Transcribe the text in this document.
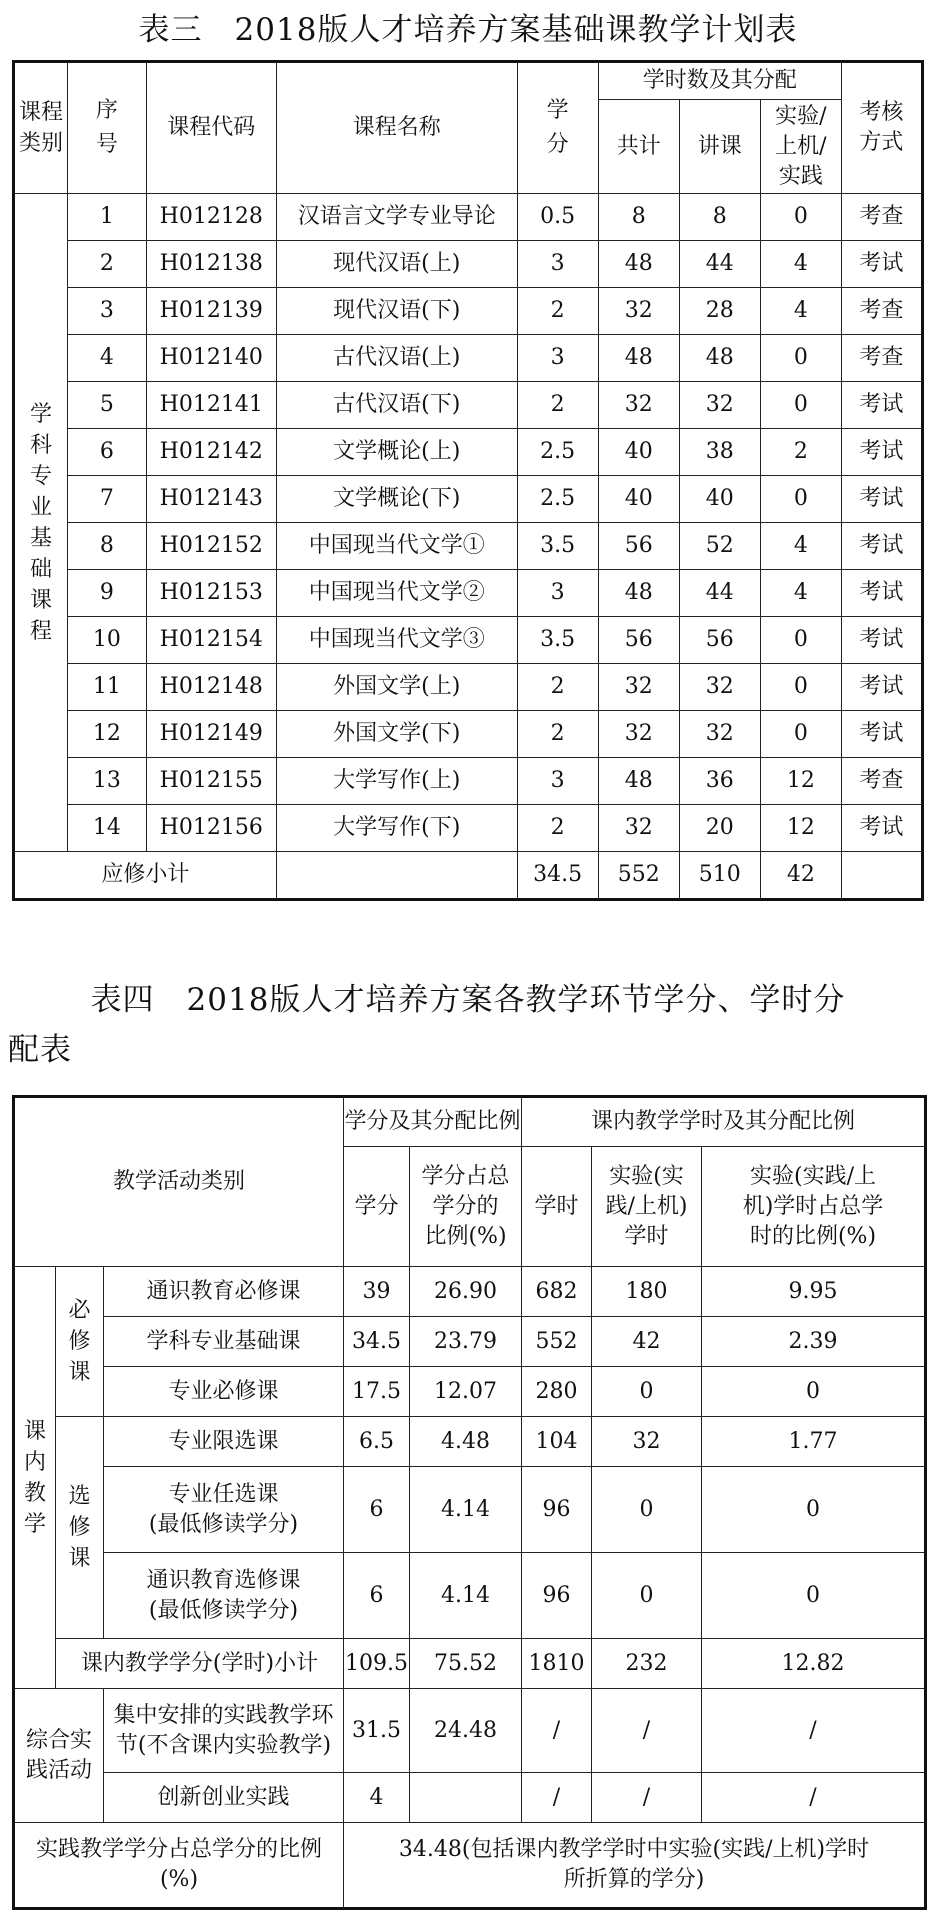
表三　2018版人才培养方案基础课教学计划表
课程类别	序号	课程代码	课程名称	学分	学时数及其分配			考核
方式

					共计	讲课	实验/
上机/
实践	

学科专业基础课程	1	H012128	汉语言文学专业导论	0.5	8	8	0	考查
	2	H012138	现代汉语(上)	3	48	44	4	考试
	3	H012139	现代汉语(下)	2	32	28	4	考查
	4	H012140	古代汉语(上)	3	48	48	0	考查
	5	H012141	古代汉语(下)	2	32	32	0	考试
	6	H012142	文学概论(上)	2.5	40	38	2	考试
	7	H012143	文学概论(下)	2.5	40	40	0	考试
	8	H012152	中国现当代文学①	3.5	56	52	4	考试
	9	H012153	中国现当代文学②	3	48	44	4	考试
	10	H012154	中国现当代文学③	3.5	56	56	0	考试
	11	H012148	外国文学(上)	2	32	32	0	考试
	12	H012149	外国文学(下)	2	32	32	0	考试
	13	H012155	大学写作(上)	3	48	36	12	考查
	14	H012156	大学写作(下)	2	32	20	12	考试
应修小计				34.5	552	510	42	
表四　2018版人才培养方案各教学环节学分、学时分
配表
教学活动类别			学分及其分配比例		课内教学学时及其分配比例		
			学分	学分占总
学分的
比例(%)	学时	实验(实
践/上机)
学时	实验(实践/上
机)学时占总学
时的比例(%)

课内教学	必修课	通识教育必修课	39	26.90	682	180	9.95
		学科专业基础课	34.5	23.79	552	42	2.39
		专业必修课	17.5	12.07	280	0	0

	选修课	专业限选课	6.5	4.48	104	32	1.77

		专业任选课
(最低修读学分)	6	4.14	96	0	0

		通识教育选修课
(最低修读学分)	6	4.14	96	0	0
	课内教学学分(学时)小计		109.5	75.52	1810	232	12.82

综合实
践活动		集中安排的实践教学环
节(不含课内实验教学)	31.5	24.48	/	/	/
		创新创业实践	4		/	/	/

实践教学学分占总学分的比例
(%)			34.48(包括课内教学学时中实验(实践/上机)学时
所折算的学分)				
